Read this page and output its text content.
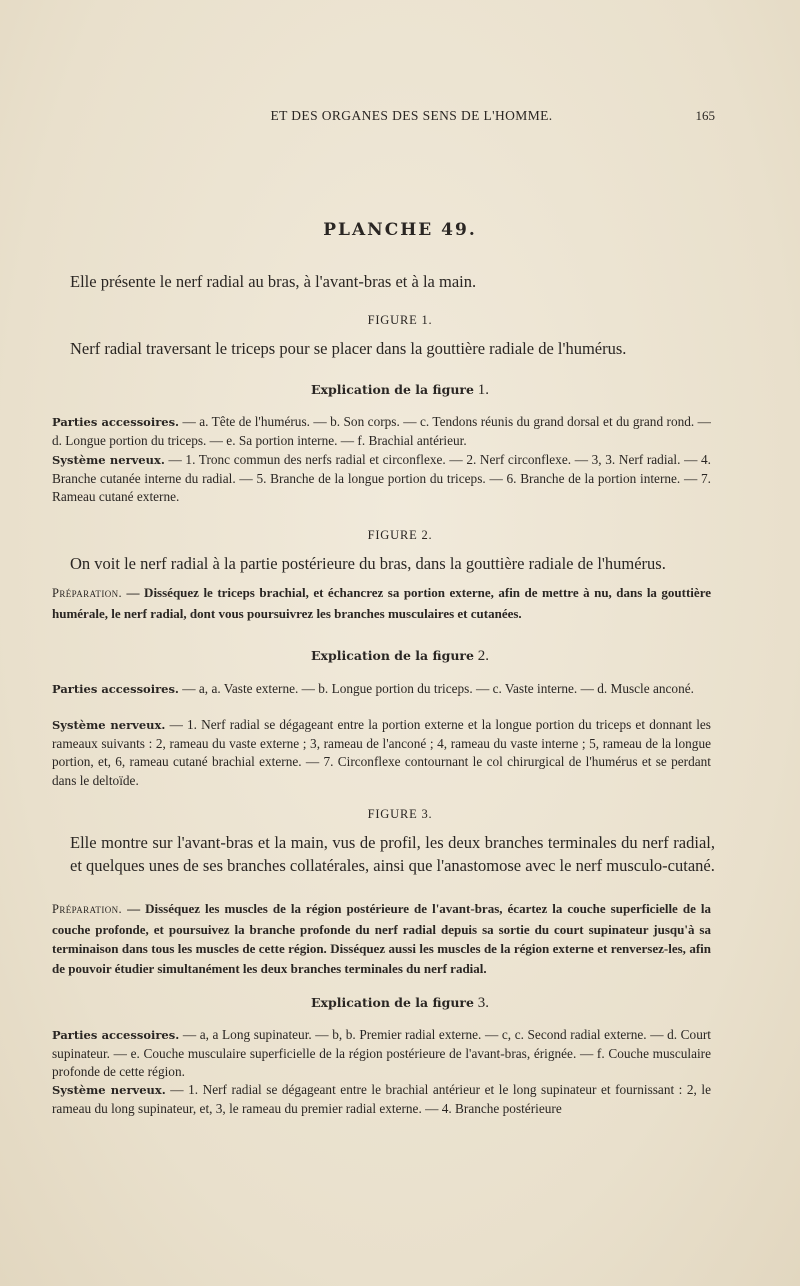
ET DES ORGANES DES SENS DE L'HOMME.	165
PLANCHE 49.
Elle présente le nerf radial au bras, à l'avant-bras et à la main.
FIGURE 1.
Nerf radial traversant le triceps pour se placer dans la gouttière radiale de l'humérus.
Explication de la figure 1.
Parties accessoires. — a. Tête de l'humérus. — b. Son corps. — c. Tendons réunis du grand dorsal et du grand rond. — d. Longue portion du triceps. — e. Sa portion interne. — f. Brachial antérieur.
Système nerveux. — 1. Tronc commun des nerfs radial et circonflexe. — 2. Nerf circonflexe. — 3, 3. Nerf radial. — 4. Branche cutanée interne du radial. — 5. Branche de la longue portion du triceps. — 6. Branche de la portion interne. — 7. Rameau cutané externe.
FIGURE 2.
On voit le nerf radial à la partie postérieure du bras, dans la gouttière radiale de l'humérus.
Préparation. — Disséquez le triceps brachial, et échancrez sa portion externe, afin de mettre à nu, dans la gouttière humérale, le nerf radial, dont vous poursuivrez les branches musculaires et cutanées.
Explication de la figure 2.
Parties accessoires. — a, a. Vaste externe. — b. Longue portion du triceps. — c. Vaste interne. — d. Muscle anconé.
Système nerveux. — 1. Nerf radial se dégageant entre la portion externe et la longue portion du triceps et donnant les rameaux suivants : 2, rameau du vaste externe ; 3, rameau de l'anconé ; 4, rameau du vaste interne ; 5, rameau de la longue portion, et, 6, rameau cutané brachial externe. — 7. Circonflexe contournant le col chirurgical de l'humérus et se perdant dans le deltoïde.
FIGURE 3.
Elle montre sur l'avant-bras et la main, vus de profil, les deux branches terminales du nerf radial, et quelques unes de ses branches collatérales, ainsi que l'anastomose avec le nerf musculo-cutané.
Préparation. — Disséquez les muscles de la région postérieure de l'avant-bras, écartez la couche superficielle de la couche profonde, et poursuivez la branche profonde du nerf radial depuis sa sortie du court supinateur jusqu'à sa terminaison dans tous les muscles de cette région. Disséquez aussi les muscles de la région externe et renversez-les, afin de pouvoir étudier simultanément les deux branches terminales du nerf radial.
Explication de la figure 3.
Parties accessoires. — a, a Long supinateur. — b, b. Premier radial externe. — c, c. Second radial externe. — d. Court supinateur. — e. Couche musculaire superficielle de la région postérieure de l'avant-bras, érignée. — f. Couche musculaire profonde de cette région.
Système nerveux. — 1. Nerf radial se dégageant entre le brachial antérieur et le long supinateur et fournissant : 2, le rameau du long supinateur, et, 3, le rameau du premier radial externe. — 4. Branche postérieure
